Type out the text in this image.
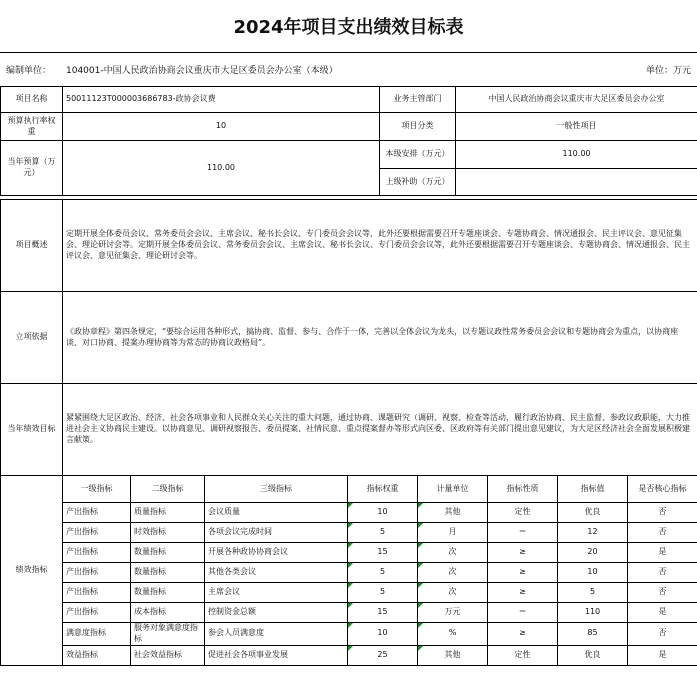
2024年项目支出绩效目标表
编制单位： 104001-中国人民政治协商会议重庆市大足区委员会办公室（本级）	单位：万元
项目名称	50011123T000003686783-政协会议费	业务主管部门	中国人民政治协商会议重庆市大足区委员会办公室
预算执行率权重	10	项目分类	一般性项目
当年预算（万元）	110.00	本级安排（万元）	110.00
		上级补助（万元）	
项目概述	定期开展全体委员会议、常务委员会会议、主席会议、秘书长会议、专门委员会会议等，此外还要根据需要召开专题座谈会、专题协商会、情况通报会、民主评议会、意见征集会、理论研讨会等。定期开展全体委员会议、常务委员会会议、主席会议、秘书长会议、专门委员会会议等，此外还要根据需要召开专题座谈会、专题协商会、情况通报会、民主评议会、意见征集会、理论研讨会等。
立项依据	《政协章程》第四条规定，“要综合运用各种形式，搞协商、监督、参与、合作于一体，完善以全体会议为龙头，以专题议政性常务委员会会议和专题协商会为重点，以协商座谈、对口协商、提案办理协商等为常态的协商议政格局”。
当年绩效目标	紧紧围绕大足区政治、经济、社会各项事业和人民群众关心关注的重大问题，通过协商、课题研究（调研、视察、检查等活动，履行政治协商、民主监督、参政议政职能，大力推进社会主义协商民主建设。以协商意见、调研视察报告、委员提案、社情民意、重点提案督办等形式向区委、区政府等有关部门提出意见建议，为大足区经济社会全面发展积极建言献策。
绩效指标	一级指标	二级指标	三级指标	指标权重	计量单位	指标性质	指标值	是否核心指标
	产出指标	质量指标	会议质量	10	其他	定性	优良	否
	产出指标	时效指标	各项会议完成时间	5	月	＝	12	否
	产出指标	数量指标	开展各种政协协商会议	15	次	≥	20	是
	产出指标	数量指标	其他各类会议	5	次	≥	10	否
	产出指标	数量指标	主席会议	5	次	≥	5	否
	产出指标	成本指标	控制资金总额	15	万元	＝	110	是
	满意度指标	服务对象满意度指标	参会人员满意度	10	%	≥	85	否
	效益指标	社会效益指标	促进社会各项事业发展	25	其他	定性	优良	是
